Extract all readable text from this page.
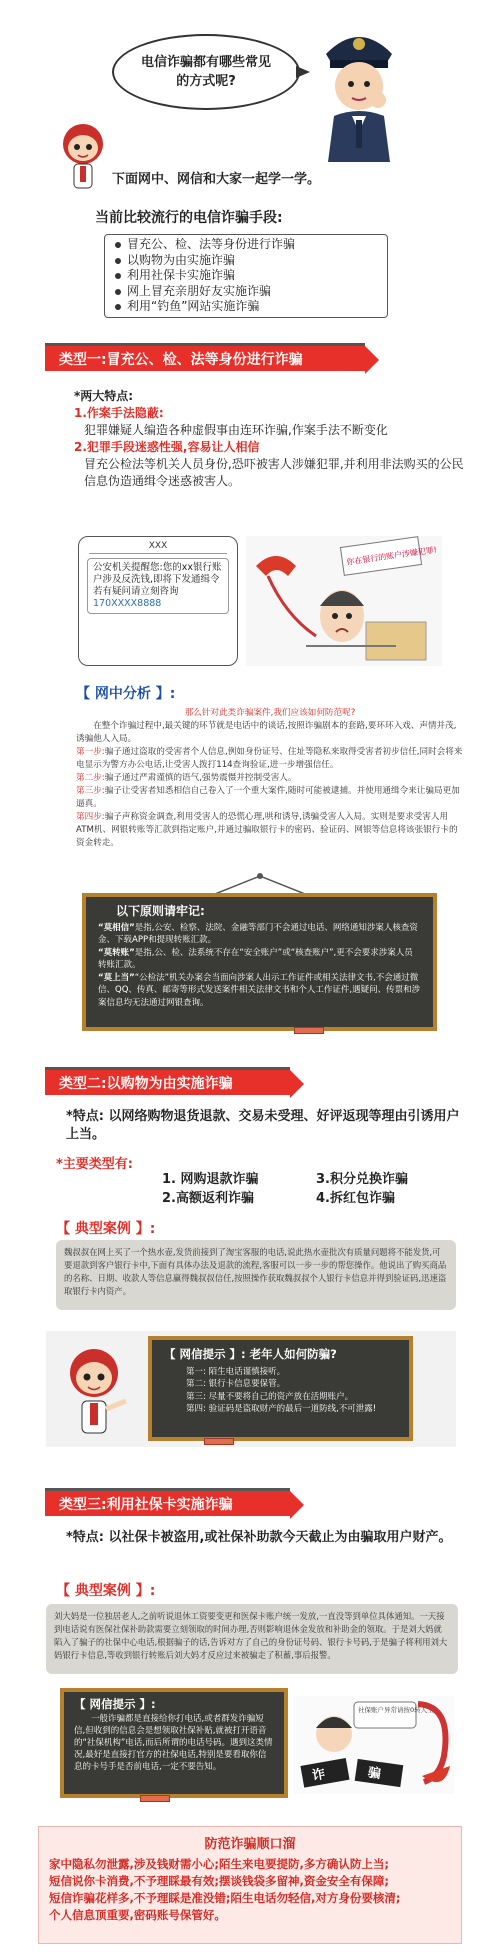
电信诈骗都有哪些常见的方式呢?
下面网中、网信和大家一起学一学。
当前比较流行的电信诈骗手段:
冒充公、检、法等身份进行诈骗
以购物为由实施诈骗
利用社保卡实施诈骗
网上冒充亲朋好友实施诈骗
利用“钓鱼”网站实施诈骗
类型一:冒充公、检、法等身份进行诈骗
*两大特点:
1.作案手法隐蔽:
犯罪嫌疑人编造各种虚假事由连环诈骗,作案手法不断变化
2.犯罪手段迷惑性强,容易让人相信
冒充公检法等机关人员身份,恐吓被害人涉嫌犯罪,并利用非法购买的公民信息伪造通缉令迷惑被害人。
XXX
公安机关提醒您:您的xx银行账户涉及反洗钱,即将下发通缉令若有疑问请立刻咨询 170XXXX8888
你在银行的账户涉嫌犯罪!
【 网中分析 】:
那么针对此类诈骗案件,我们应该如何防范呢?
在整个诈骗过程中,最关键的环节就是电话中的谈话,按照诈骗剧本的套路,要环环入戏、声情并茂,诱骗他人入局。
第一步:骗子通过盗取的受害者个人信息,例如身份证号、住址等隐私来取得受害者初步信任,同时会将来电显示为警方办公电话,让受害人拨打114查询验证,进一步增强信任。
第二步:骗子通过严肃谨慎的语气,强势震慑并控制受害人。
第三步:骗子让受害者知悉相信自己卷入了一个重大案件,随时可能被逮捕。并使用通缉令来让骗局更加逼真。
第四步:骗子声称资金调查,利用受害人的恐慌心理,哄和诱导,诱骗受害人入局。实则是要求受害人用ATM机、网银转账等汇款到指定账户,并通过骗取银行卡的密码、验证码、网银等信息将该张银行卡的资金转走。
以下原则请牢记:
“莫相信”是指,公安、检察、法院、金融等部门不会通过电话、网络通知涉案人核查资金、下载APP和提现转账汇款。
“莫转账”是指,公、检、法系统不存在“安全账户”或“核查账户”,更不会要求涉案人员转账汇款。
“莫上当”“公检法”机关办案会当面向涉案人出示工作证件或相关法律文书,不会通过微信、QQ、传真、邮寄等形式发送案件相关法律文书和个人工作证件,遇疑问、传票和涉案信息均无法通过网银查询。
类型二:以购物为由实施诈骗
*特点: 以网络购物退货退款、交易未受理、好评返现等理由引诱用户上当。
*主要类型有:
1. 网购退款诈骗	3.积分兑换诈骗
2.高额返利诈骗	4.拆红包诈骗
【 典型案例 】:
魏叔叔在网上买了一个热水壶,发货前接到了淘宝客服的电话,说此热水壶批次有质量问题将不能发货,可要退款到客户银行卡中,下面有具体办法及退款的流程,客服可以一步一步的帮您操作。他说出了购买商品的名称、日期、收款人等信息赢得魏叔叔信任,按照操作获取魏叔叔个人银行卡信息并得到验证码,迅速盗取银行卡内资产。
【 网信提示 】: 老年人如何防骗?
第一: 陌生电话谨慎接听。
第二: 银行卡信息要保管。
第三: 尽量不要将自己的资产放在活期账户。
第四: 验证码是盗取财产的最后一道防线,不可泄露!
类型三:利用社保卡实施诈骗
*特点: 以社保卡被盗用,或社保补助款今天截止为由骗取用户财产。
【 典型案例 】:
刘大妈是一位独居老人,之前听说退休工资要变更和医保卡账户统一发放,一直没等到单位具体通知。一天接到电话说有医保社保补助款需要立刻领取的时间办理,否则影响退休金发放和补助金的领取。于是刘大妈就陷入了骗子的社保中心电话,根据骗子的话,告诉对方了自己的身份证号码、银行卡号码,于是骗子将利用刘大妈银行卡信息,等收到银行转账后刘大妈才反应过来被骗走了积蓄,事后报警。
【 网信提示 】:
一般诈骗都是直接给你打电话,或者群发诈骗短信,但收到的信息会是想领取社保补贴,就被打开语音的“社保机构”电话,而后所谓的电话号码。遇到这类情况,最好是直接打官方的社保电话,特别是要看取你信息的卡号手是否前电话,一定不要告知。
社保账户异常请按0转人工
诈	骗
防范诈骗顺口溜
家中隐私勿泄露,涉及钱财需小心;陌生来电要提防,多方确认防上当;
短信说你卡消费,不予理睬最有效;摆谈钱袋多留神,资金安全有保障;
短信诈骗花样多,不予理睬是准没错;陌生电话勿轻信,对方身份要核清;
个人信息顶重要,密码账号保管好。
